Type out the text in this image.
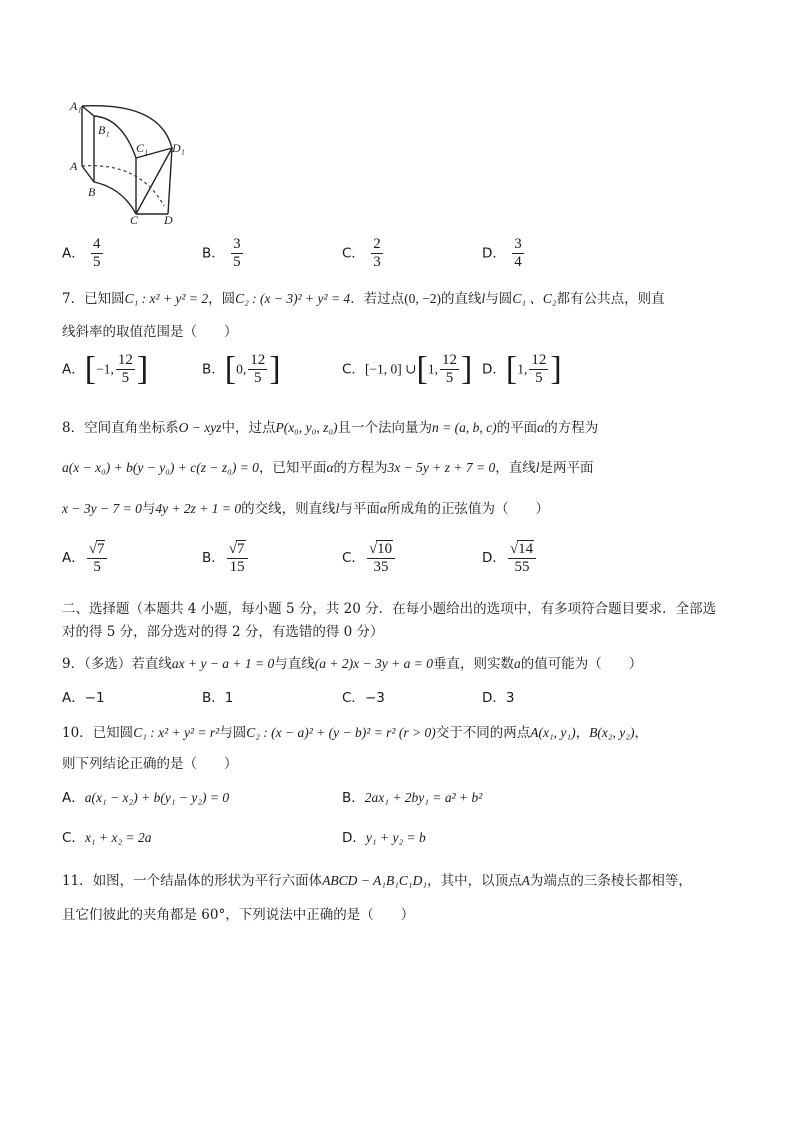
A₁
B₁
C₁ D₁
A
B
C D
A． $\frac{4}{5}$	B． $\frac{3}{5}$	C． $\frac{2}{3}$	D． $\frac{3}{4}$
7．已知圆C₁ : x² + y² = 2，圆C₂ : (x − 3)² + y² = 4．若过点(0, −2)的直线l与圆C₁ 、C₂都有公共点，则直
线斜率的取值范围是（　　）
A．[−1, $\frac{12}{5}$ ]	B．[0, $\frac{12}{5}$ ]	C．[−1, 0] ∪[1, $\frac{12}{5}$ ] D．[1, $\frac{12}{5}$ ]
8．空间直角坐标系O − xyz中，过点P(x₀, y₀, z₀)且一个法向量为n = (a, b, c)的平面α的方程为
a(x − x₀) + b(y − y₀) + c(z − z₀) = 0，已知平面α的方程为3x − 5y + z + 7 = 0，直线l是两平面
x − 3y − 7 = 0与4y + 2z + 1 = 0的交线，则直线l与平面α所成角的正弦值为（　　）
A． $\frac{√7}{5}$	B． $\frac{√7}{15}$	C． $\frac{√10}{35}$	D． $\frac{√14}{55}$
二、选择题（本题共 4 小题，每小题 5 分，共 20 分．在每小题给出的选项中，有多项符合题目要求．全部选
对的得 5 分，部分选对的得 2 分，有选错的得 0 分）
9．（多选）若直线ax + y − a + 1 = 0与直线(a + 2)x − 3y + a = 0垂直，则实数a的值可能为（　　）
A．−1	B．1	C．−3	D．3
10．已知圆C₁ : x² + y² = r²与圆C₂ : (x − a)² + (y − b)² = r² (r > 0)交于不同的两点A(x₁, y₁)，B(x₂, y₂)，
则下列结论正确的是（　　）
A．a(x₁ − x₂) + b(y₁ − y₂) = 0	B．2ax₁ + 2by₁ = a² + b²
C．x₁ + x₂ = 2a	D．y₁ + y₂ = b
11．如图，一个结晶体的形状为平行六面体ABCD − A₁B₁C₁D₁，其中，以顶点A为端点的三条棱长都相等，
且它们彼此的夹角都是 60°，下列说法中正确的是（　　）
